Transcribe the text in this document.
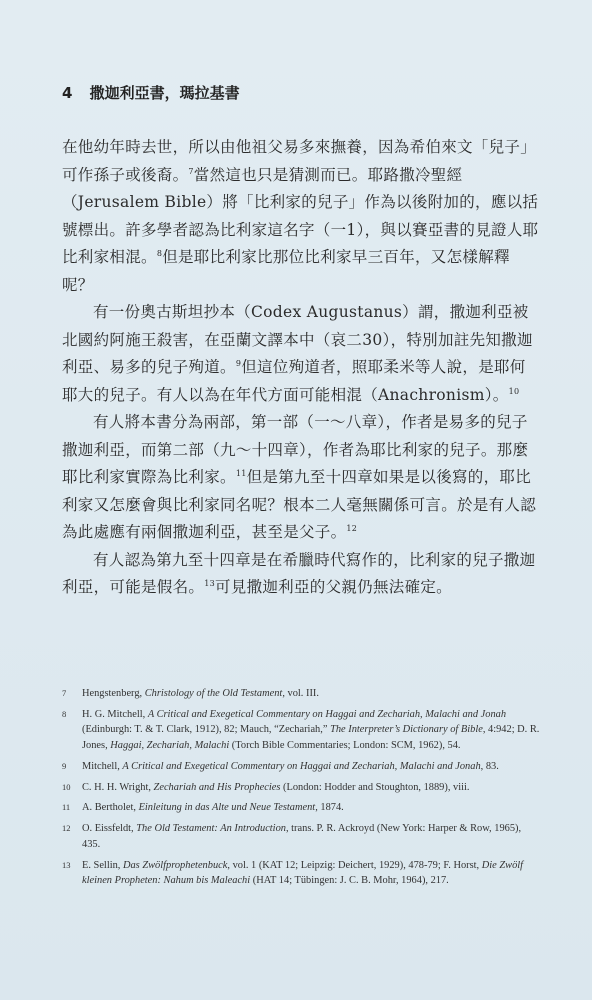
4 撒迦利亞書，瑪拉基書

在他幼年時去世，所以由他祖父易多來撫養，因為希伯來文「兒子」可作孫子或後裔。$^7$當然這也只是猜測而已。耶路撒冷聖經（Jerusalem Bible）將「比利家的兒子」作為以後附加的，應以括號標出。許多學者認為比利家這名字（一1），與以賽亞書的見證人耶比利家相混。$^8$但是耶比利家比那位比利家早三百年，又怎樣解釋呢？

有一份奧古斯坦抄本（Codex Augustanus）謂，撒迦利亞被北國約阿施王殺害，在亞蘭文譯本中（哀二30），特別加註先知撒迦利亞、易多的兒子殉道。$^9$但這位殉道者，照耶柔米等人說，是耶何耶大的兒子。有人以為在年代方面可能相混（Anachronism）。$^{10}$

有人將本書分為兩部，第一部（一～八章），作者是易多的兒子撒迦利亞，而第二部（九～十四章），作者為耶比利家的兒子。那麼耶比利家實際為比利家。$^{11}$但是第九至十四章如果是以後寫的，耶比利家又怎麼會與比利家同名呢？根本二人毫無關係可言。於是有人認為此處應有兩個撒迦利亞，甚至是父子。$^{12}$

有人認為第九至十四章是在希臘時代寫作的，比利家的兒子撒迦利亞，可能是假名。$^{13}$可見撒迦利亞的父親仍無法確定。

7 Hengstenberg, Christology of the Old Testament, vol. III.
8 H. G. Mitchell, A Critical and Exegetical Commentary on Haggai and Zechariah, Malachi and Jonah (Edinburgh: T. & T. Clark, 1912), 82; Mauch, “Zechariah,” The Interpreter’s Dictionary of Bible, 4:942; D. R. Jones, Haggai, Zechariah, Malachi (Torch Bible Commentaries; London: SCM, 1962), 54.
9 Mitchell, A Critical and Exegetical Commentary on Haggai and Zechariah, Malachi and Jonah, 83.
10 C. H. H. Wright, Zechariah and His Prophecies (London: Hodder and Stoughton, 1889), viii.
11 A. Bertholet, Einleitung in das Alte und Neue Testament, 1874.
12 O. Eissfeldt, The Old Testament: An Introduction, trans. P. R. Ackroyd (New York: Harper & Row, 1965), 435.
13 E. Sellin, Das Zwölfprophetenbuck, vol. 1 (KAT 12; Leipzig: Deichert, 1929), 478-79; F. Horst, Die Zwölf kleinen Propheten: Nahum bis Maleachi (HAT 14; Tübingen: J. C. B. Mohr, 1964), 217.
